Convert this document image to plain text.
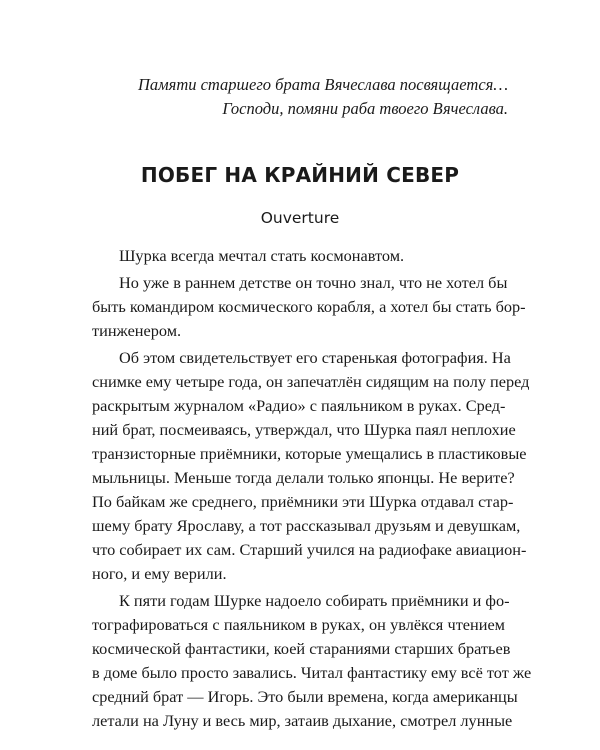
Памяти старшего брата Вячеслава посвящается…
Господи, помяни раба твоего Вячеслава.
ПОБЕГ НА КРАЙНИЙ СЕВЕР
Ouverture
Шурка всегда мечтал стать космонавтом.
Но уже в раннем детстве он точно знал, что не хотел бы
быть командиром космического корабля, а хотел бы стать бор-
тинженером.
Об этом свидетельствует его старенькая фотография. На
снимке ему четыре года, он запечатлён сидящим на полу перед
раскрытым журналом «Радио» с паяльником в руках. Сред-
ний брат, посмеиваясь, утверждал, что Шурка паял неплохие
транзисторные приёмники, которые умещались в пластиковые
мыльницы. Меньше тогда делали только японцы. Не верите?
По байкам же среднего, приёмники эти Шурка отдавал стар-
шему брату Ярославу, а тот рассказывал друзьям и девушкам,
что собирает их сам. Старший учился на радиофаке авиацион-
ного, и ему верили.
К пяти годам Шурке надоело собирать приёмники и фо-
тографироваться с паяльником в руках, он увлёкся чтением
космической фантастики, коей стараниями старших братьев
в доме было просто завались. Читал фантастику ему всё тот же
средний брат — Игорь. Это были времена, когда американцы
летали на Луну и весь мир, затаив дыхание, смотрел лунные
